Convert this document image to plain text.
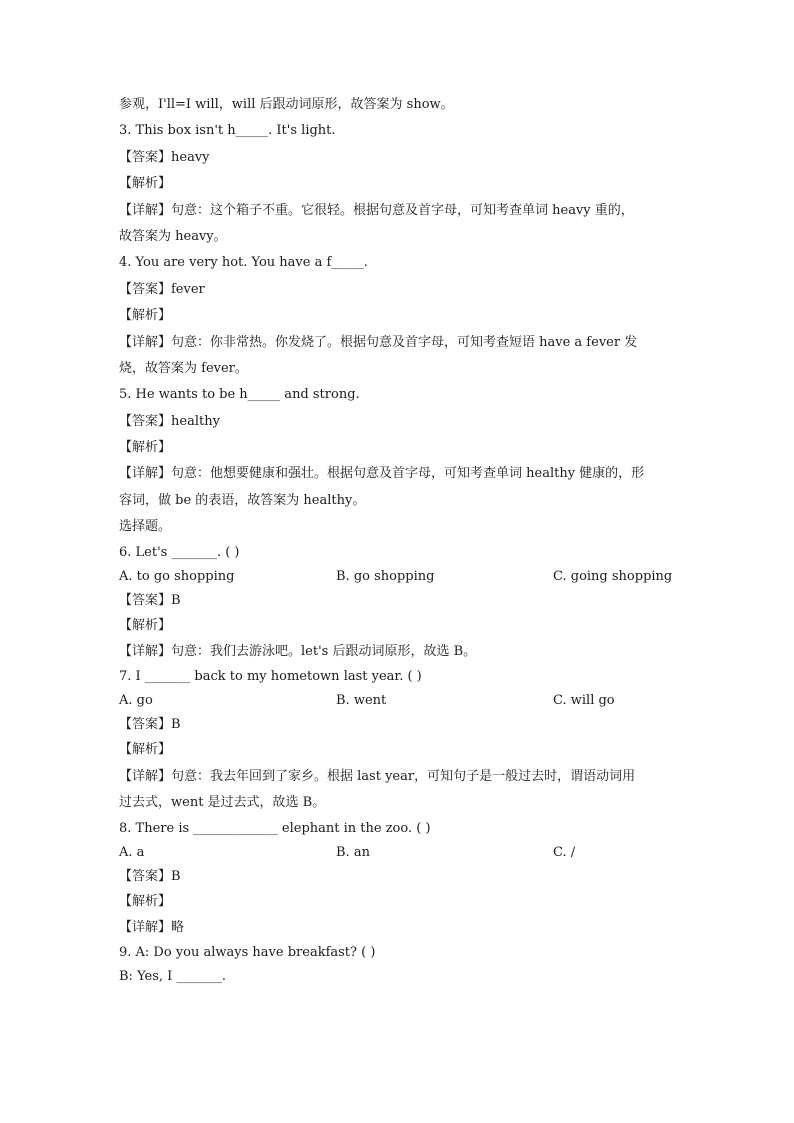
参观，I'll=I will，will 后跟动词原形，故答案为 show。
3. This box isn't h_____. It's light.
【答案】heavy
【解析】
【详解】句意：这个箱子不重。它很轻。根据句意及首字母，可知考查单词 heavy 重的，
故答案为 heavy。
4. You are very hot. You have a f_____.
【答案】fever
【解析】
【详解】句意：你非常热。你发烧了。根据句意及首字母，可知考查短语 have a fever 发
烧，故答案为 fever。
5. He wants to be h_____ and strong.
【答案】healthy
【解析】
【详解】句意：他想要健康和强壮。根据句意及首字母，可知考查单词 healthy 健康的，形
容词，做 be 的表语，故答案为 healthy。
选择题。
6. Let's _______. ( )
A. to go shopping	B. go shopping	C. going shopping
【答案】B
【解析】
【详解】句意：我们去游泳吧。let's 后跟动词原形，故选 B。
7. I _______ back to my hometown last year. ( )
A. go	B. went	C. will go
【答案】B
【解析】
【详解】句意：我去年回到了家乡。根据 last year，可知句子是一般过去时，谓语动词用
过去式，went 是过去式，故选 B。
8. There is _____________ elephant in the zoo. ( )
A. a	B. an	C. /
【答案】B
【解析】
【详解】略
9. A: Do you always have breakfast? ( )
B: Yes, I _______.
